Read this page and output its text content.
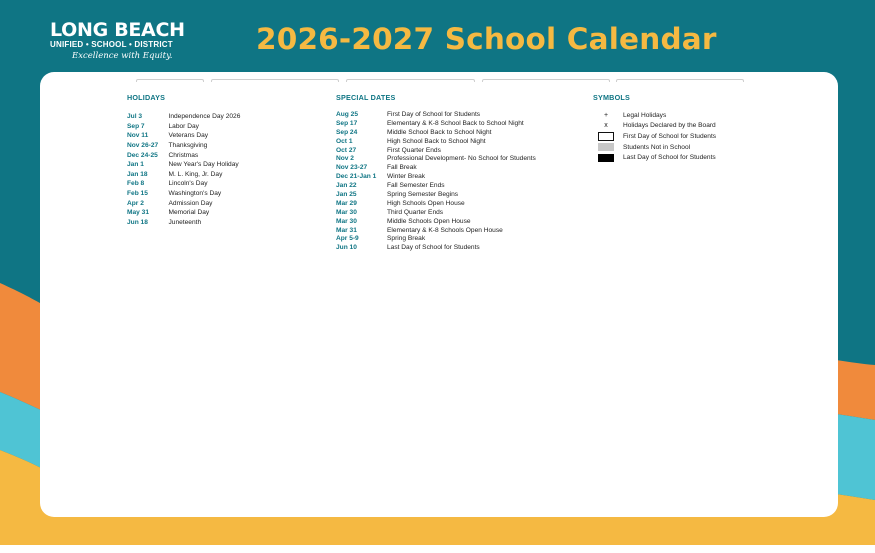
LONG BEACH
UNIFIED • SCHOOL • DISTRICT
Excellence with Equity.	2026-2027 School Calendar
HOLIDAYS
Jul 3	Independence Day 2026
Sep 7	Labor Day
Nov 11	Veterans Day
Nov 26-27	Thanksgiving
Dec 24-25	Christmas
Jan 1	New Year's Day Holiday
Jan 18	M. L. King, Jr. Day
Feb 8	Lincoln's Day
Feb 15	Washington's Day
Apr 2	Admission Day
May 31	Memorial Day
Jun 18	Juneteenth
SPECIAL DATES
Aug 25	First Day of School for Students
Sep 17	Elementary & K-8 School Back to School Night
Sep 24	Middle School Back to School Night
Oct 1	High School Back to School Night
Oct 27	First Quarter Ends
Nov 2	Professional Development- No School for Students
Nov 23-27	Fall Break
Dec 21-Jan 1	Winter Break
Jan 22	Fall Semester Ends
Jan 25	Spring Semester Begins
Mar 29	High Schools Open House
Mar 30	Third Quarter Ends
Mar 30	Middle Schools Open House
Mar 31	Elementary & K-8 Schools Open House
Apr 5-9	Spring Break
Jun 10	Last Day of School for Students
SYMBOLS
+ Legal Holidays
x Holidays Declared by the Board
First Day of School for Students
Students Not in School
Last Day of School for Students
